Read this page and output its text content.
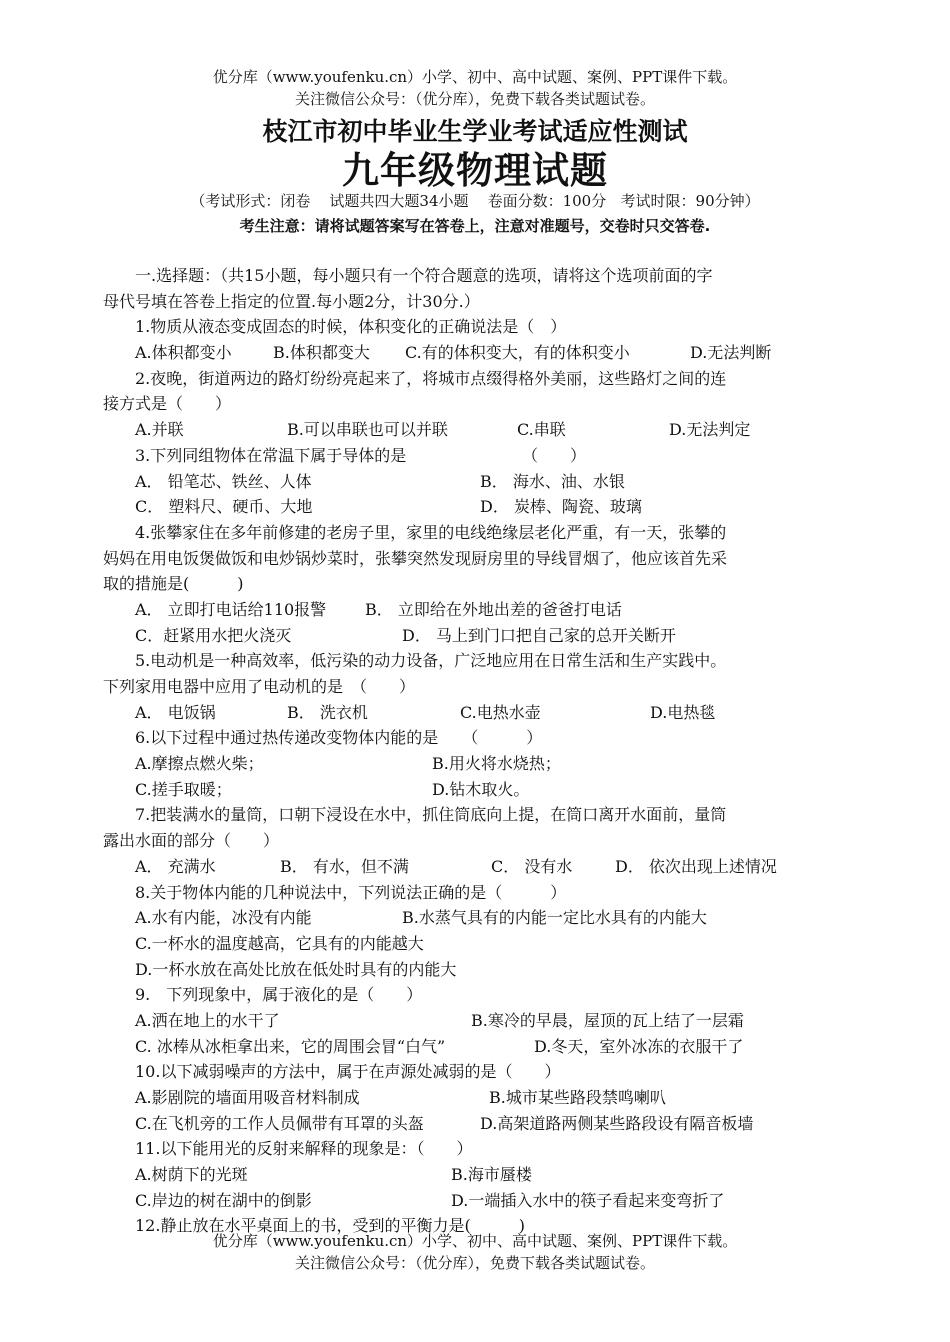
优分库（www.youfenku.cn）小学、初中、高中试题、案例、PPT课件下载。
关注微信公众号：（优分库），免费下载各类试题试卷。
枝江市初中毕业生学业考试适应性测试
九年级物理试题
（考试形式：闭卷    试题共四大题34小题    卷面分数：100分   考试时限：90分钟）
考生注意：请将试题答案写在答卷上，注意对准题号，交卷时只交答卷.
一.选择题：（共15小题，每小题只有一个符合题意的选项，请将这个选项前面的字
母代号填在答卷上指定的位置.每小题2分，计30分.）
1.物质从液态变成固态的时候，体积变化的正确说法是（　）
A.体积都变小	B.体积都变大	C.有的体积变大，有的体积变小	D.无法判断
2.夜晚，街道两边的路灯纷纷亮起来了，将城市点缀得格外美丽，这些路灯之间的连
接方式是（　　）
A.并联	B.可以串联也可以并联	C.串联	D.无法判定
3.下列同组物体在常温下属于导体的是	（　　）
A． 铅笔芯、铁丝、人体	B． 海水、油、水银
C． 塑料尺、硬币、大地	D． 炭棒、陶瓷、玻璃
4.张攀家住在多年前修建的老房子里，家里的电线绝缘层老化严重，有一天，张攀的
妈妈在用电饭煲做饭和电炒锅炒菜时，张攀突然发现厨房里的导线冒烟了，他应该首先采
取的措施是(　　　)
A． 立即打电话给110报警	B． 立即给在外地出差的爸爸打电话
C．赶紧用水把火浇灭	D． 马上到门口把自己家的总开关断开
5.电动机是一种高效率，低污染的动力设备，广泛地应用在日常生活和生产实践中。
下列家用电器中应用了电动机的是　（　　）
A． 电饭锅	B． 洗衣机	C.电热水壶	D.电热毯
6.以下过程中通过热传递改变物体内能的是　　（　　　）
A.摩擦点燃火柴；	B.用火将水烧热；
C.搓手取暖；	D.钻木取火。
7.把装满水的量筒，口朝下浸设在水中，抓住筒底向上提，在筒口离开水面前，量筒
露出水面的部分（　　）
A． 充满水	B． 有水，但不满	C． 没有水	D． 依次出现上述情况
8.关于物体内能的几种说法中，下列说法正确的是（　　　）
A.水有内能，冰没有内能	B.水蒸气具有的内能一定比水具有的内能大
C.一杯水的温度越高，它具有的内能越大
D.一杯水放在高处比放在低处时具有的内能大
9.　下列现象中，属于液化的是（　　）
A.洒在地上的水干了	B.寒冷的早晨，屋顶的瓦上结了一层霜
C. 冰棒从冰柜拿出来，它的周围会冒“白气”	D.冬天，室外冰冻的衣服干了
10.以下减弱噪声的方法中，属于在声源处减弱的是（　　）
A.影剧院的墙面用吸音材料制成	B.城市某些路段禁鸣喇叭
C.在飞机旁的工作人员佩带有耳罩的头盔	D.高架道路两侧某些路段设有隔音板墙
11.以下能用光的反射来解释的现象是：（　　）
A.树荫下的光斑	B.海市蜃楼
C.岸边的树在湖中的倒影	D.一端插入水中的筷子看起来变弯折了
12.静止放在水平桌面上的书，受到的平衡力是(　　　)
优分库（www.youfenku.cn）小学、初中、高中试题、案例、PPT课件下载。
关注微信公众号：（优分库），免费下载各类试题试卷。
